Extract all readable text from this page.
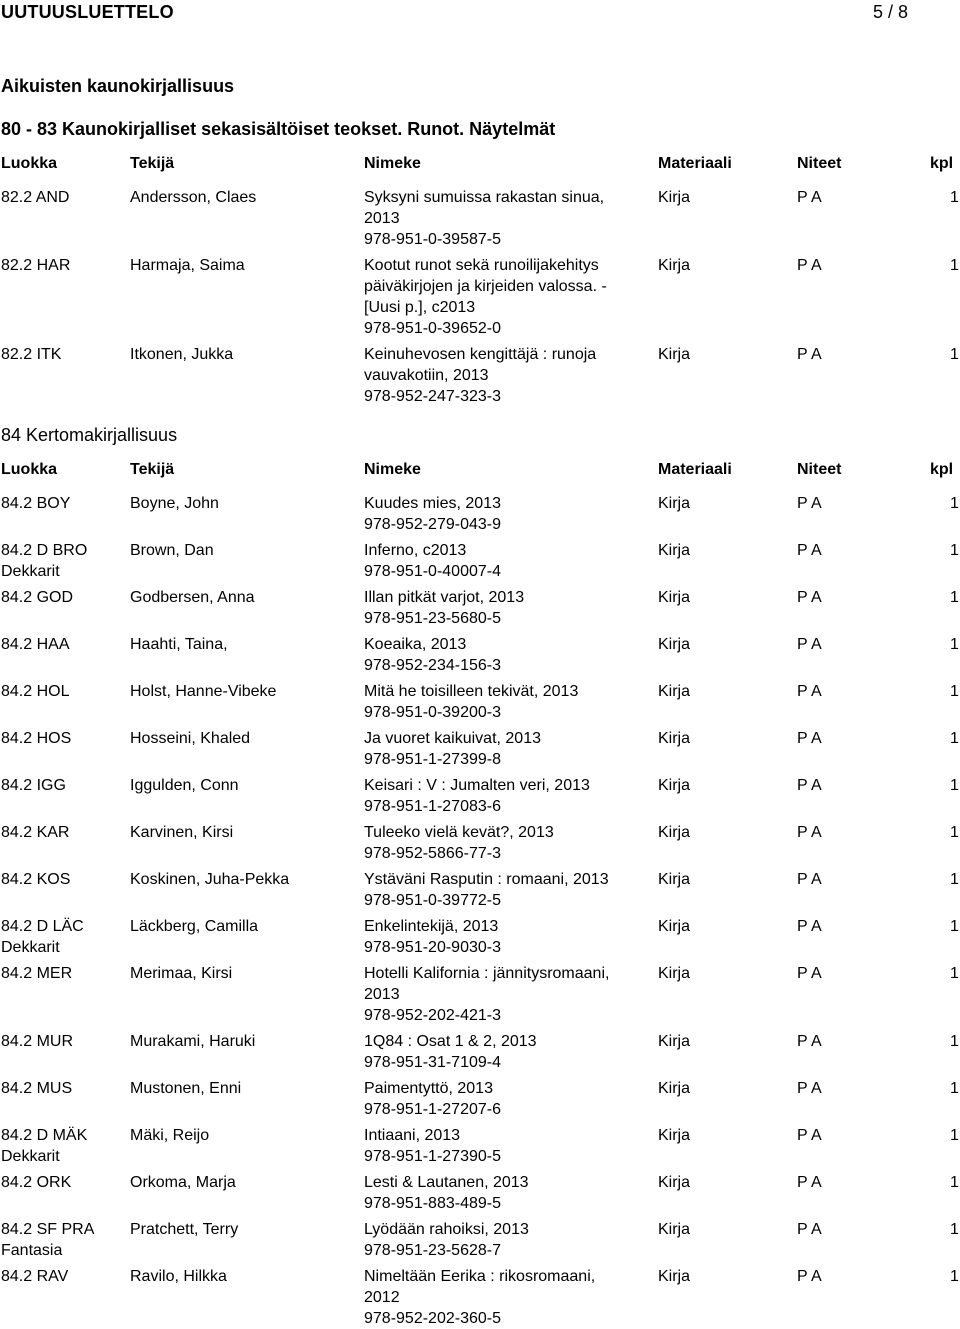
UUTUUSLUETTELO	5 / 8
Aikuisten kaunokirjallisuus
80 - 83 Kaunokirjalliset sekasisältöiset teokset. Runot. Näytelmät
Luokka	Tekijä	Nimeke	Materiaali	Niteet	kpl
82.2 AND	Andersson, Claes	Syksyni sumuissa rakastan sinua,
2013
978-951-0-39587-5
Kirja	P A	1
82.2 HAR	Harmaja, Saima	Kootut runot sekä runoilijakehitys
päiväkirjojen ja kirjeiden valossa. -
[Uusi p.], c2013
978-951-0-39652-0
Kirja	P A	1
82.2 ITK	Itkonen, Jukka	Keinuhevosen kengittäjä : runoja
vauvakotiin, 2013
978-952-247-323-3
Kirja	P A	1
84 Kertomakirjallisuus
Luokka	Tekijä	Nimeke	Materiaali	Niteet	kpl
84.2 BOY	Boyne, John	Kuudes mies, 2013
978-952-279-043-9
Kirja	P A	1
84.2 D BRO
Dekkarit
Brown, Dan	Inferno, c2013
978-951-0-40007-4
Kirja	P A	1
84.2 GOD	Godbersen, Anna	Illan pitkät varjot, 2013
978-951-23-5680-5
Kirja	P A	1
84.2 HAA	Haahti, Taina,	Koeaika, 2013
978-952-234-156-3
Kirja	P A	1
84.2 HOL	Holst, Hanne-Vibeke	Mitä he toisilleen tekivät, 2013
978-951-0-39200-3
Kirja	P A	1
84.2 HOS	Hosseini, Khaled	Ja vuoret kaikuivat, 2013
978-951-1-27399-8
Kirja	P A	1
84.2 IGG	Iggulden, Conn	Keisari : V : Jumalten veri, 2013
978-951-1-27083-6
Kirja	P A	1
84.2 KAR	Karvinen, Kirsi	Tuleeko vielä kevät?, 2013
978-952-5866-77-3
Kirja	P A	1
84.2 KOS	Koskinen, Juha-Pekka	Ystäväni Rasputin : romaani, 2013
978-951-0-39772-5
Kirja	P A	1
84.2 D LÄC
Dekkarit
Läckberg, Camilla	Enkelintekijä, 2013
978-951-20-9030-3
Kirja	P A	1
84.2 MER	Merimaa, Kirsi	Hotelli Kalifornia : jännitysromaani,
2013
978-952-202-421-3
Kirja	P A	1
84.2 MUR	Murakami, Haruki	1Q84 : Osat 1 & 2, 2013
978-951-31-7109-4
Kirja	P A	1
84.2 MUS	Mustonen, Enni	Paimentyttö, 2013
978-951-1-27207-6
Kirja	P A	1
84.2 D MÄK
Dekkarit
Mäki, Reijo	Intiaani, 2013
978-951-1-27390-5
Kirja	P A	1
84.2 ORK	Orkoma, Marja	Lesti & Lautanen, 2013
978-951-883-489-5
Kirja	P A	1
84.2 SF PRA
Fantasia
Pratchett, Terry	Lyödään rahoiksi, 2013
978-951-23-5628-7
Kirja	P A	1
84.2 RAV	Ravilo, Hilkka	Nimeltään Eerika : rikosromaani,
2012
978-952-202-360-5
Kirja	P A	1
